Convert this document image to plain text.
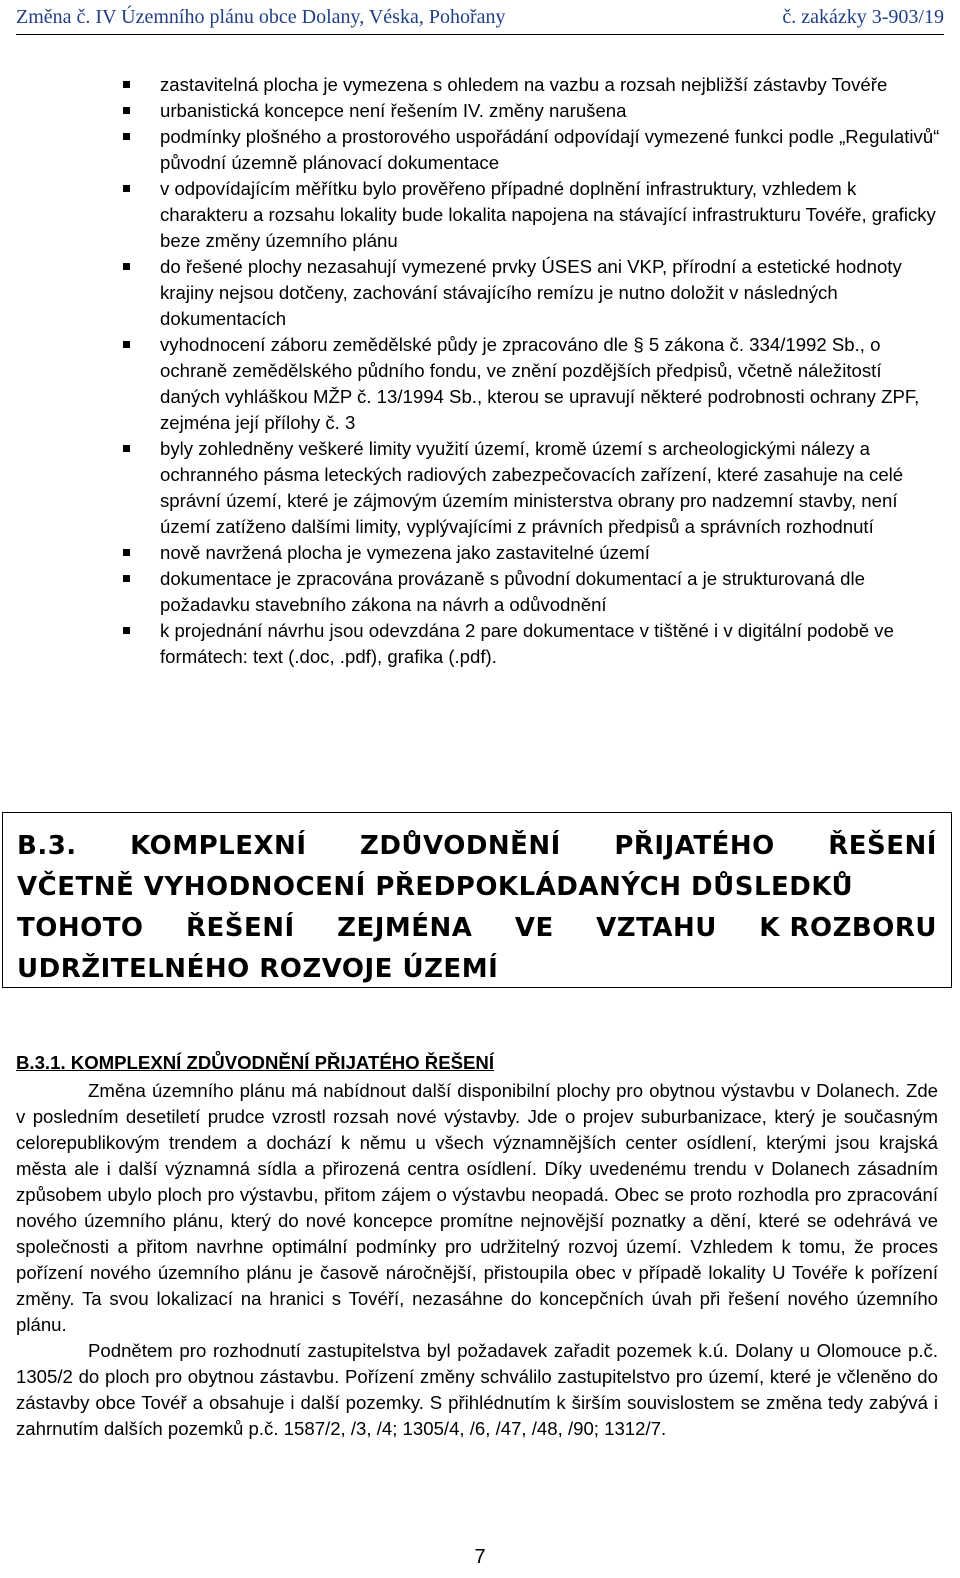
Změna č. IV Územního plánu obce Dolany, Véska, Pohořany	č. zakázky 3-903/19
zastavitelná plocha je vymezena s ohledem na vazbu a rozsah nejbližší zástavby Tovéře
urbanistická koncepce není řešením IV. změny narušena
podmínky plošného a prostorového uspořádání odpovídají vymezené funkci podle „Regulativů“ původní územně plánovací dokumentace
v odpovídajícím měřítku bylo prověřeno případné doplnění infrastruktury, vzhledem k charakteru a rozsahu lokality bude lokalita napojena na stávající infrastrukturu Tovéře, graficky beze změny územního plánu
do řešené plochy nezasahují vymezené prvky ÚSES ani VKP, přírodní a estetické hodnoty krajiny nejsou dotčeny, zachování stávajícího remízu je nutno doložit v následných dokumentacích
vyhodnocení záboru zemědělské půdy je zpracováno dle § 5 zákona č. 334/1992 Sb., o ochraně zemědělského půdního fondu, ve znění pozdějších předpisů, včetně náležitostí daných vyhláškou MŽP č. 13/1994 Sb., kterou se upravují některé podrobnosti ochrany ZPF, zejména její přílohy č. 3
byly zohledněny veškeré limity využití území, kromě území s archeologickými nálezy a ochranného pásma leteckých radiových zabezpečovacích zařízení, které zasahuje na celé správní území, které je zájmovým územím ministerstva obrany pro nadzemní stavby, není území zatíženo dalšími limity, vyplývajícími z právních předpisů a správních rozhodnutí
nově navržená plocha je vymezena jako zastavitelné území
dokumentace je zpracována provázaně s původní dokumentací a je strukturovaná dle požadavku stavebního zákona na návrh a odůvodnění
k projednání návrhu jsou odevzdána 2 pare dokumentace v tištěné i v digitální podobě ve formátech: text (.doc, .pdf), grafika (.pdf).
B.3. KOMPLEXNÍ ZDŮVODNĚNÍ PŘIJATÉHO ŘEŠENÍ
VČETNĚ VYHODNOCENÍ PŘEDPOKLÁDANÝCH DŮSLEDKŮ
TOHOTO ŘEŠENÍ ZEJMÉNA VE VZTAHU K ROZBORU
UDRŽITELNÉHO ROZVOJE ÚZEMÍ
B.3.1. KOMPLEXNÍ ZDŮVODNĚNÍ PŘIJATÉHO ŘEŠENÍ

Změna územního plánu má nabídnout další disponibilní plochy pro obytnou výstavbu v Dolanech. Zde v posledním desetiletí prudce vzrostl rozsah nové výstavby. Jde o projev suburbanizace, který je současným celorepublikovým trendem a dochází k němu u všech významnějších center osídlení, kterými jsou krajská města ale i další významná sídla a přirozená centra osídlení. Díky uvedenému trendu v Dolanech zásadním způsobem ubylo ploch pro výstavbu, přitom zájem o výstavbu neopadá. Obec se proto rozhodla pro zpracování nového územního plánu, který do nové koncepce promítne nejnovější poznatky a dění, které se odehrává ve společnosti a přitom navrhne optimální podmínky pro udržitelný rozvoj území. Vzhledem k tomu, že proces pořízení nového územního plánu je časově náročnější, přistoupila obec v případě lokality U Tovéře k pořízení změny. Ta svou lokalizací na hranici s Tovéří, nezasáhne do koncepčních úvah při řešení nového územního plánu.

Podnětem pro rozhodnutí zastupitelstva byl požadavek zařadit pozemek k.ú. Dolany u Olomouce p.č. 1305/2 do ploch pro obytnou zástavbu. Pořízení změny schválilo zastupitelstvo pro území, které je včleněno do zástavby obce Tovéř a obsahuje i další pozemky. S přihlédnutím k širším souvislostem se změna tedy zabývá i zahrnutím dalších pozemků p.č. 1587/2, /3, /4; 1305/4, /6, /47, /48, /90; 1312/7.

7
